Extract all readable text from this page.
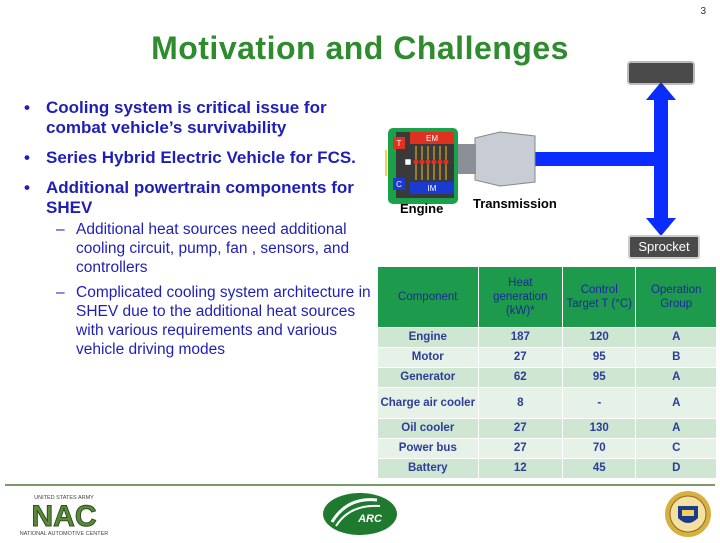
3
Motivation and Challenges
• Cooling system is critical issue for combat vehicle’s survivability
• Series Hybrid Electric Vehicle for FCS.
• Additional powertrain components for SHEV
– Additional heat sources need additional cooling circuit, pump, fan , sensors, and controllers
– Complicated cooling system architecture in SHEV due to the additional heat sources with various requirements and various vehicle driving modes
EM
IM
T
C
Engine Transmission
Sprocket
Component	Heat generation (kW)*	Control Target T (°C)	Operation Group
Engine	187	120	A
Motor	27	95	B
Generator	62	95	A
Charge air cooler	8	-	A
Oil cooler	27	130	A
Power bus	27	70	C
Battery	12	45	D
UNITED STATES ARMY
NAC
NATIONAL AUTOMOTIVE CENTER
ARC
